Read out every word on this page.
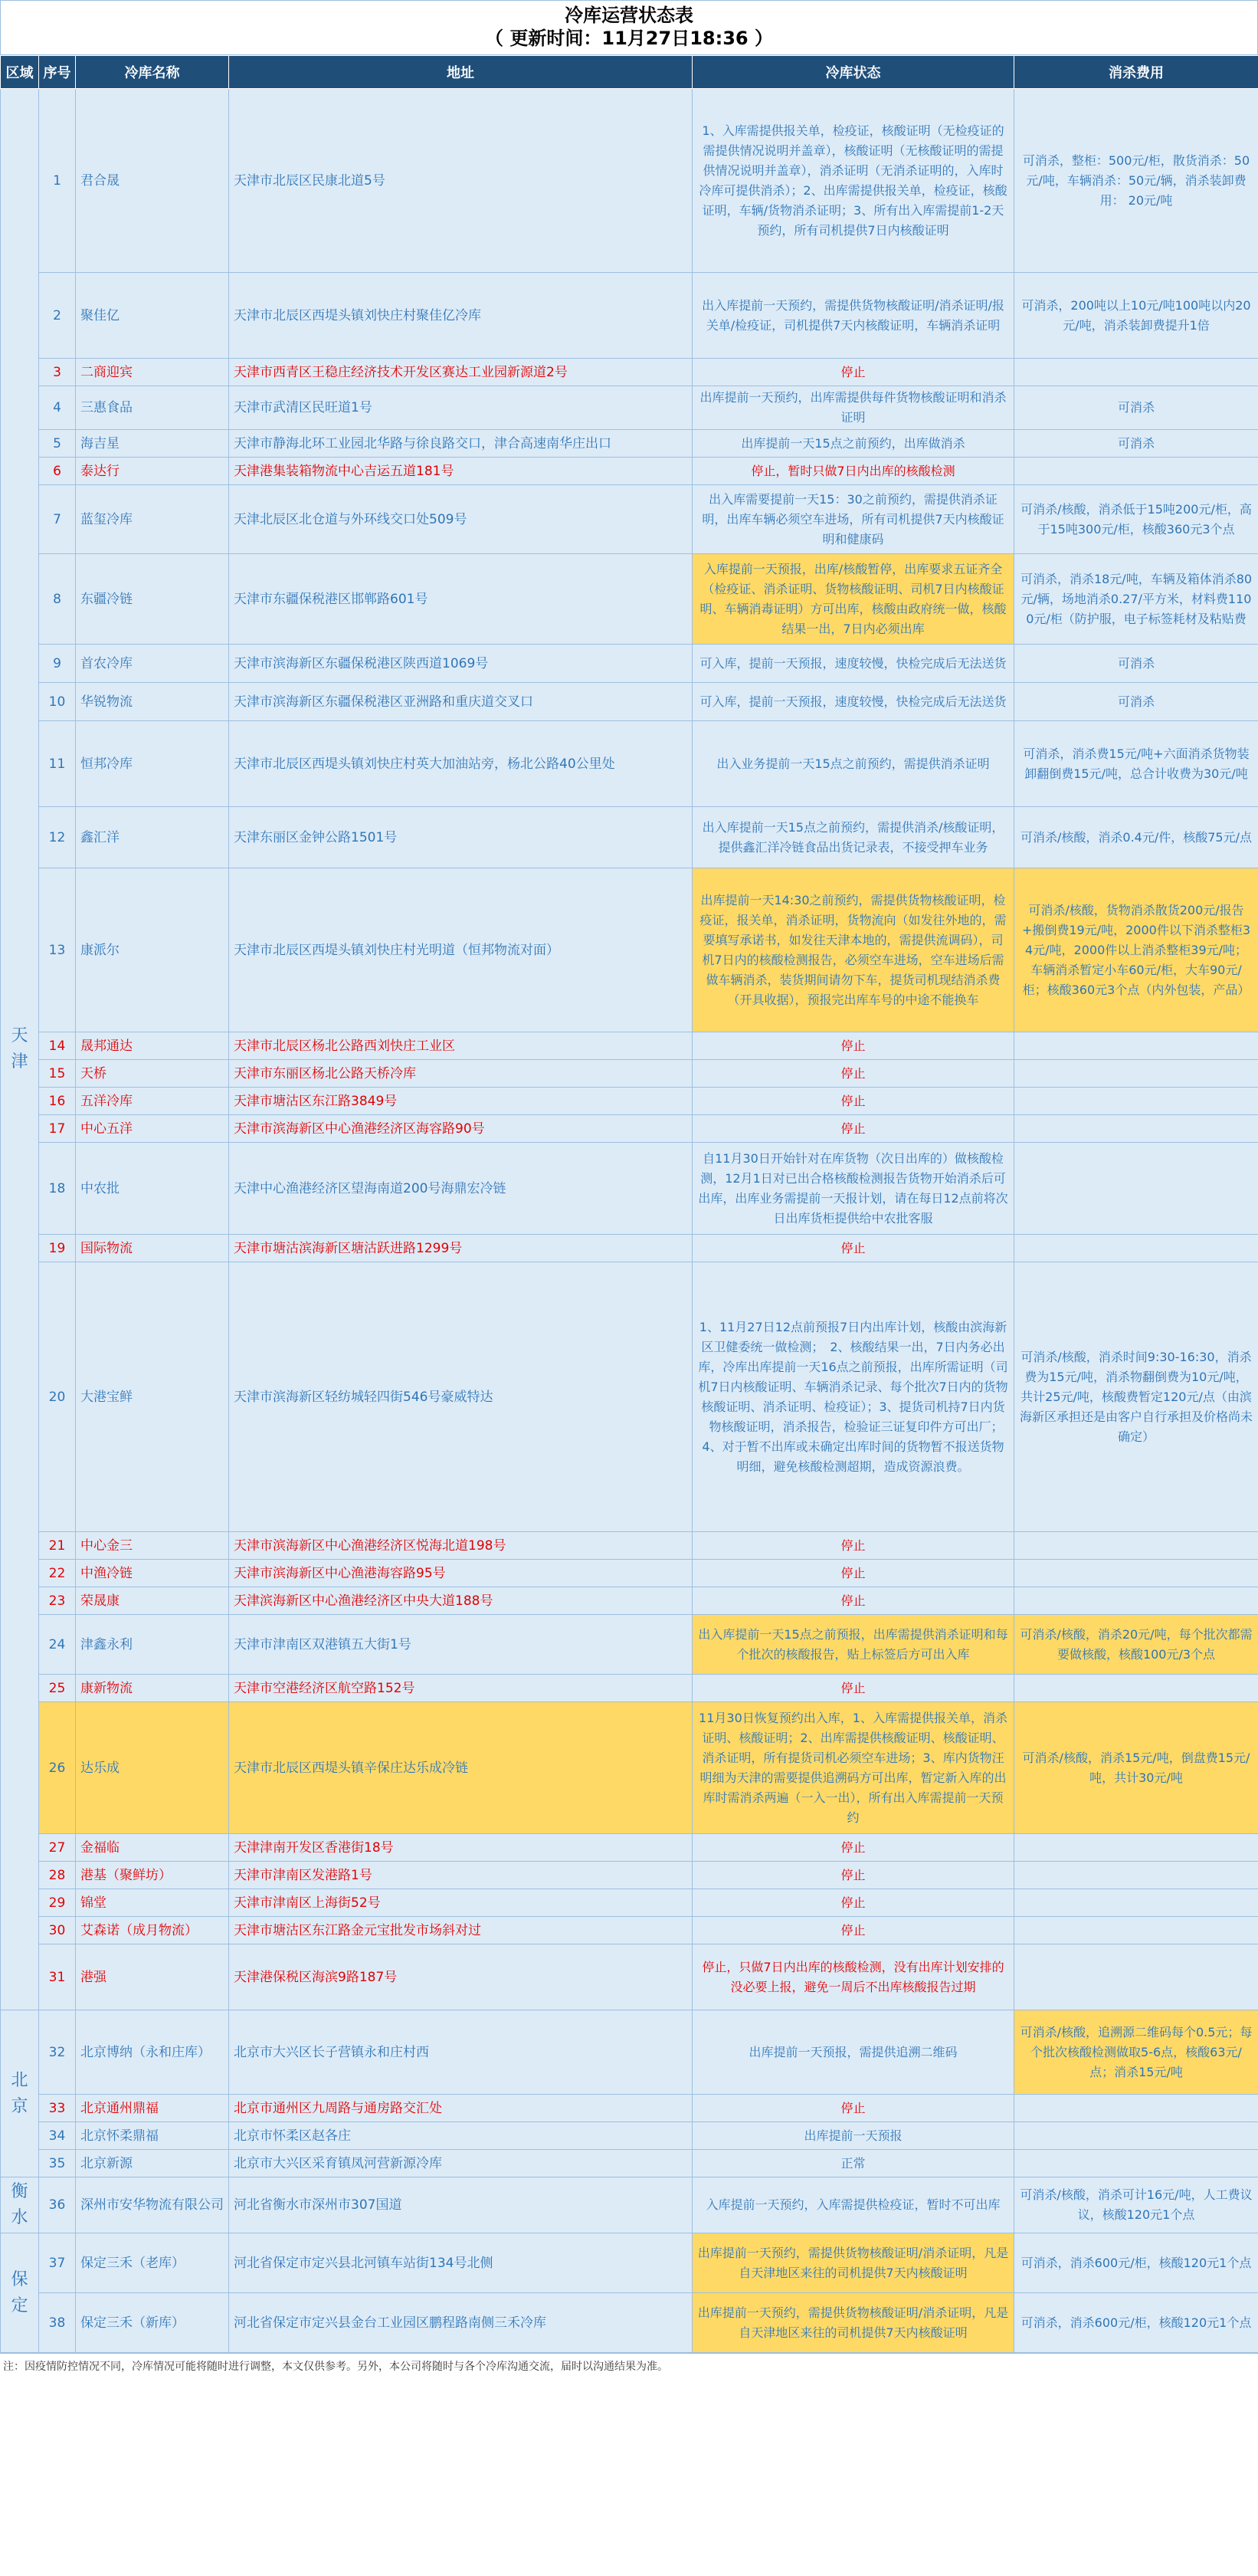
冷库运营状态表
（ 更新时间：11月27日18:36 ）
区域	序号	冷库名称	地址	冷库状态	消杀费用

天
津	1	君合晟	天津市北辰区民康北道5号	1、入库需提供报关单，检疫证，核酸证明（无检疫证的需提供情况说明并盖章），核酸证明（无核酸证明的需提供情况说明并盖章），消杀证明（无消杀证明的，入库时冷库可提供消杀）；2、出库需提供报关单，检疫证，核酸证明，车辆/货物消杀证明；3、所有出入库需提前1-2天预约，所有司机提供7日内核酸证明	可消杀，整柜：500元/柜，散货消杀：50元/吨，车辆消杀：50元/辆，消杀装卸费用： 20元/吨
	2	聚佳亿	天津市北辰区西堤头镇刘快庄村聚佳亿冷库	出入库提前一天预约，需提供货物核酸证明/消杀证明/报关单/检疫证，司机提供7天内核酸证明，车辆消杀证明	可消杀，200吨以上10元/吨100吨以内20元/吨，消杀装卸费提升1倍
	3	二商迎宾	天津市西青区王稳庄经济技术开发区赛达工业园新源道2号	停止	
	4	三惠食品	天津市武清区民旺道1号	出库提前一天预约，出库需提供每件货物核酸证明和消杀证明	可消杀
	5	海吉星	天津市静海北环工业园北华路与徐良路交口，津合高速南华庄出口	出库提前一天15点之前预约，出库做消杀	可消杀
	6	泰达行	天津港集装箱物流中心吉运五道181号	停止，暂时只做7日内出库的核酸检测	
	7	蓝玺冷库	天津北辰区北仓道与外环线交口处509号	出入库需要提前一天15：30之前预约，需提供消杀证明，出库车辆必须空车进场，所有司机提供7天内核酸证明和健康码	可消杀/核酸，消杀低于15吨200元/柜，高于15吨300元/柜，核酸360元3个点
	8	东疆冷链	天津市东疆保税港区邯郸路601号	入库提前一天预报，出库/核酸暂停，出库要求五证齐全（检疫证、消杀证明、货物核酸证明、司机7日内核酸证明、车辆消毒证明）方可出库，核酸由政府统一做，核酸结果一出，7日内必须出库	可消杀，消杀18元/吨，车辆及箱体消杀80元/辆，场地消杀0.27/平方米，材料费1100元/柜（防护服，电子标签耗材及粘贴费
	9	首农冷库	天津市滨海新区东疆保税港区陕西道1069号	可入库，提前一天预报，速度较慢，快检完成后无法送货	可消杀
	10	华锐物流	天津市滨海新区东疆保税港区亚洲路和重庆道交叉口	可入库，提前一天预报，速度较慢，快检完成后无法送货	可消杀
	11	恒邦冷库	天津市北辰区西堤头镇刘快庄村英大加油站旁，杨北公路40公里处	出入业务提前一天15点之前预约，需提供消杀证明	可消杀，消杀费15元/吨+六面消杀货物装卸翻倒费15元/吨，总合计收费为30元/吨
	12	鑫汇洋	天津东丽区金钟公路1501号	出入库提前一天15点之前预约，需提供消杀/核酸证明，提供鑫汇洋冷链食品出货记录表，不接受押车业务	可消杀/核酸，消杀0.4元/件，核酸75元/点
	13	康派尔	天津市北辰区西堤头镇刘快庄村光明道（恒邦物流对面）	出库提前一天14:30之前预约，需提供货物核酸证明，检疫证，报关单，消杀证明，货物流向（如发往外地的，需要填写承诺书，如发往天津本地的，需提供流调码），司机7日内的核酸检测报告，必须空车进场，空车进场后需做车辆消杀，装货期间请勿下车，提货司机现结消杀费（开具收据），预报完出库车号的中途不能换车	可消杀/核酸，货物消杀散货200元/报告+搬倒费19元/吨，2000件以下消杀整柜34元/吨，2000件以上消杀整柜39元/吨；车辆消杀暂定小车60元/柜，大车90元/柜；核酸360元3个点（内外包装，产品）
	14	晟邦通达	天津市北辰区杨北公路西刘快庄工业区	停止	
	15	天桥	天津市东丽区杨北公路天桥冷库	停止	
	16	五洋冷库	天津市塘沽区东江路3849号	停止	
	17	中心五洋	天津市滨海新区中心渔港经济区海容路90号	停止	
	18	中农批	天津中心渔港经济区望海南道200号海鼎宏冷链	自11月30日开始针对在库货物（次日出库的）做核酸检测，12月1日对已出合格核酸检测报告货物开始消杀后可出库，出库业务需提前一天报计划，请在每日12点前将次日出库货柜提供给中农批客服	
	19	国际物流	天津市塘沽滨海新区塘沽跃进路1299号	停止	
	20	大港宝鲜	天津市滨海新区轻纺城轻四街546号豪威特达	1、11月27日12点前预报7日内出库计划，核酸由滨海新区卫健委统一做检测；　2、核酸结果一出，7日内务必出库，冷库出库提前一天16点之前预报，出库所需证明（司机7日内核酸证明、车辆消杀记录、每个批次7日内的货物核酸证明、消杀证明、检疫证）；3、提货司机持7日内货物核酸证明，消杀报告，检验证三证复印件方可出厂；　4、对于暂不出库或未确定出库时间的货物暂不报送货物明细，避免核酸检测超期，造成资源浪费。	可消杀/核酸，消杀时间9:30-16:30，消杀费为15元/吨，消杀物翻倒费为10元/吨，共计25元/吨，核酸费暂定120元/点（由滨海新区承担还是由客户自行承担及价格尚未确定）
	21	中心金三	天津市滨海新区中心渔港经济区悦海北道198号	停止	
	22	中渔冷链	天津市滨海新区中心渔港海容路95号	停止	
	23	荣晟康	天津滨海新区中心渔港经济区中央大道188号	停止	
	24	津鑫永利	天津市津南区双港镇五大街1号	出入库提前一天15点之前预报，出库需提供消杀证明和每个批次的核酸报告，贴上标签后方可出入库	可消杀/核酸，消杀20元/吨，每个批次都需要做核酸，核酸100元/3个点
	25	康新物流	天津市空港经济区航空路152号	停止	
	26	达乐成	天津市北辰区西堤头镇辛保庄达乐成冷链	11月30日恢复预约出入库，1、入库需提供报关单，消杀证明、核酸证明；2、出库需提供核酸证明、核酸证明、消杀证明，所有提货司机必须空车进场；3、库内货物汪明细为天津的需要提供追溯码方可出库，暂定新入库的出库时需消杀两遍（一入一出），所有出入库需提前一天预约	可消杀/核酸，消杀15元/吨，倒盘费15元/吨，共计30元/吨
	27	金福临	天津津南开发区香港街18号	停止	
	28	港基（聚鲜坊）	天津市津南区发港路1号	停止	
	29	锦堂	天津市津南区上海街52号	停止	
	30	艾森诺（成月物流）	天津市塘沽区东江路金元宝批发市场斜对过	停止	
	31	港强	天津港保税区海滨9路187号	停止，只做7日内出库的核酸检测，没有出库计划安排的没必要上报，避免一周后不出库核酸报告过期	

北
京	32	北京博纳（永和庄库）	北京市大兴区长子营镇永和庄村西	出库提前一天预报，需提供追溯二维码	可消杀/核酸，追溯源二维码每个0.5元；每个批次核酸检测做取5-6点，核酸63元/点；消杀15元/吨
	33	北京通州鼎福	北京市通州区九周路与通房路交汇处	停止	
	34	北京怀柔鼎福	北京市怀柔区赵各庄	出库提前一天预报	
	35	北京新源	北京市大兴区采育镇凤河营新源冷库	正常	

衡
水	36	深州市安华物流有限公司	河北省衡水市深州市307国道	入库提前一天预约，入库需提供检疫证，暂时不可出库	可消杀/核酸，消杀可计16元/吨，人工费议议，核酸120元1个点

保
定	37	保定三禾（老库）	河北省保定市定兴县北河镇车站街134号北侧	出库提前一天预约，需提供货物核酸证明/消杀证明，凡是自天津地区来往的司机提供7天内核酸证明	可消杀，消杀600元/柜，核酸120元1个点
	38	保定三禾（新库）	河北省保定市定兴县金台工业园区鹏程路南侧三禾冷库	出库提前一天预约，需提供货物核酸证明/消杀证明，凡是自天津地区来往的司机提供7天内核酸证明	可消杀，消杀600元/柜，核酸120元1个点
注：因疫情防控情况不同，冷库情况可能将随时进行调整，本文仅供参考。另外，本公司将随时与各个冷库沟通交流，届时以沟通结果为准。
